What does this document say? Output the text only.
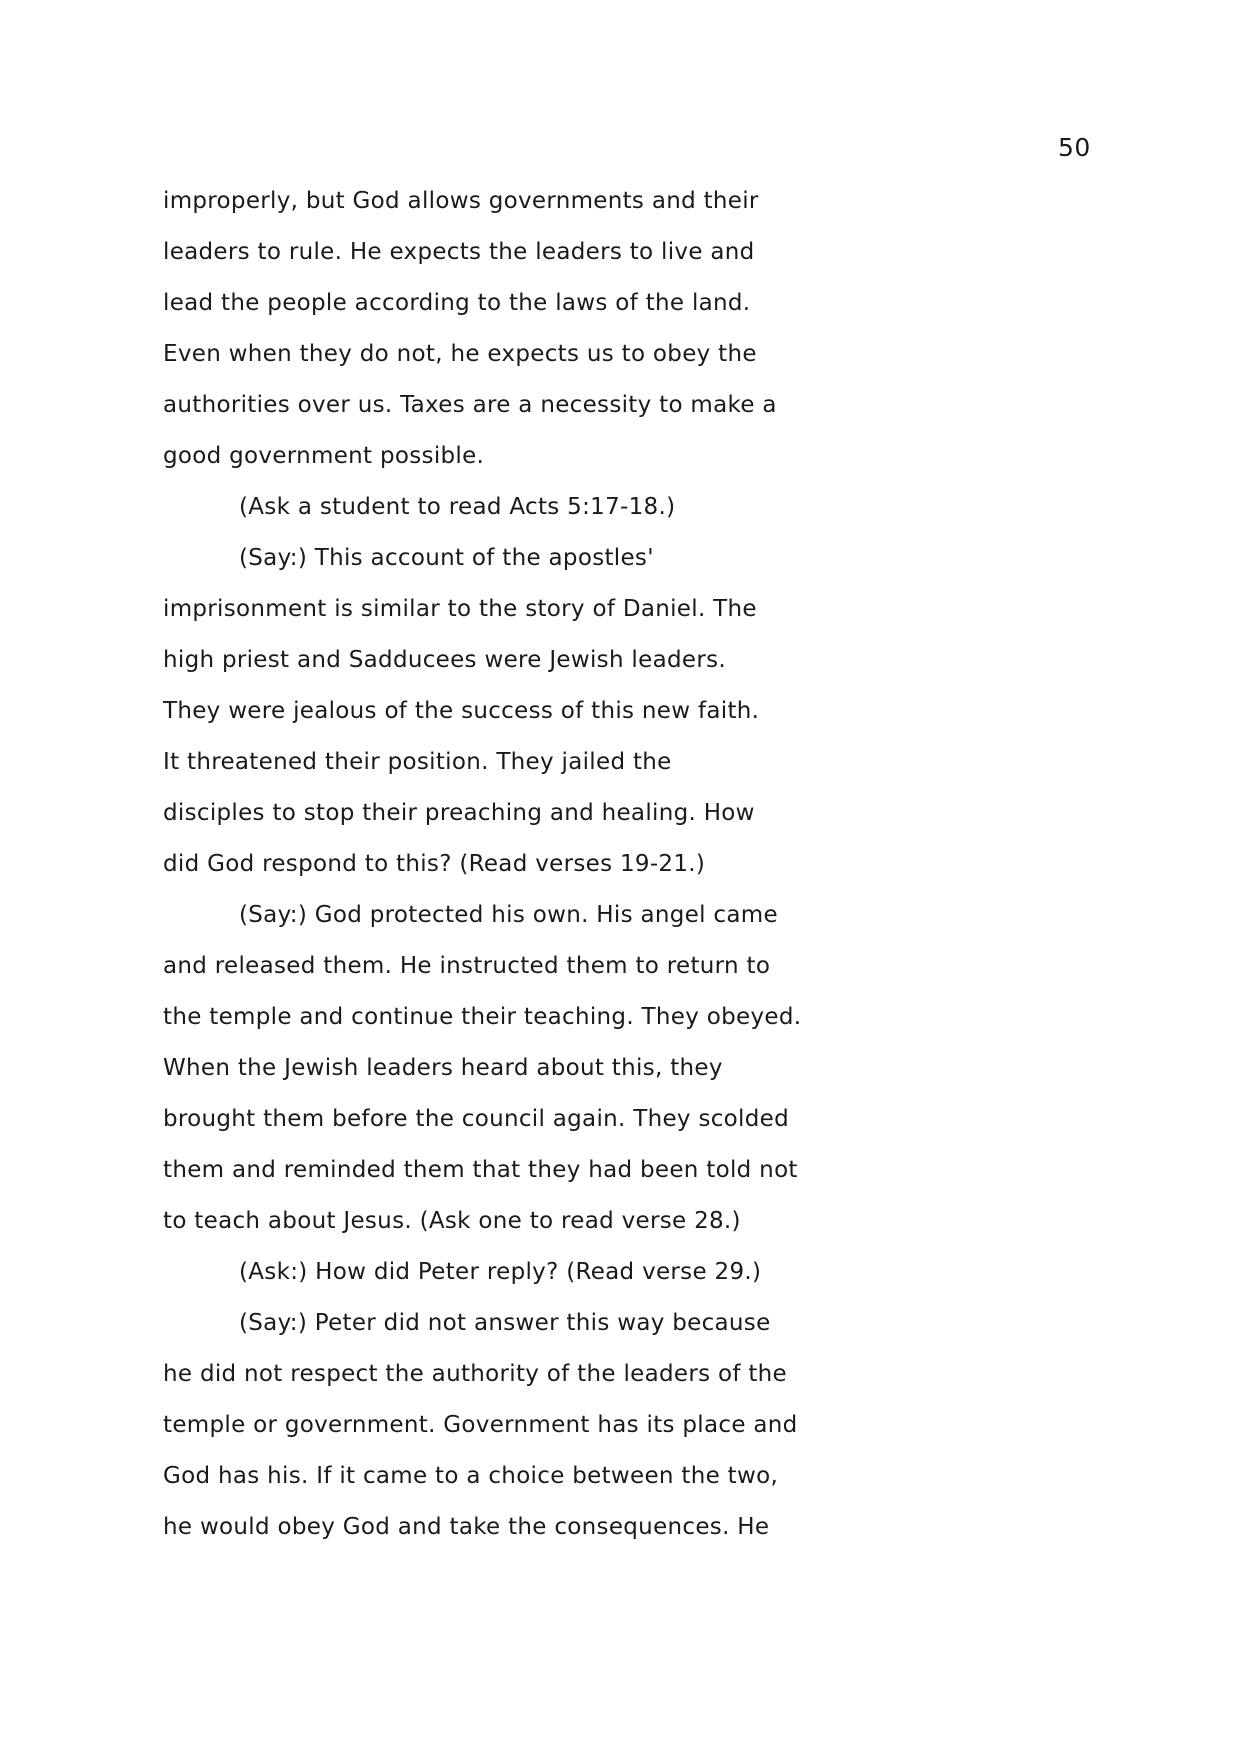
50
improperly, but God allows governments and their
leaders to rule. He expects the leaders to live and
lead the people according to the laws of the land.
Even when they do not, he expects us to obey the
authorities over us. Taxes are a necessity to make a
good government possible.
(Ask a student to read Acts 5:17-18.)
(Say:) This account of the apostles'
imprisonment is similar to the story of Daniel. The
high priest and Sadducees were Jewish leaders.
They were jealous of the success of this new faith.
It threatened their position. They jailed the
disciples to stop their preaching and healing. How
did God respond to this? (Read verses 19-21.)
(Say:) God protected his own. His angel came
and released them. He instructed them to return to
the temple and continue their teaching. They obeyed.
When the Jewish leaders heard about this, they
brought them before the council again. They scolded
them and reminded them that they had been told not
to teach about Jesus. (Ask one to read verse 28.)
(Ask:) How did Peter reply? (Read verse 29.)
(Say:) Peter did not answer this way because
he did not respect the authority of the leaders of the
temple or government. Government has its place and
God has his. If it came to a choice between the two,
he would obey God and take the consequences. He
